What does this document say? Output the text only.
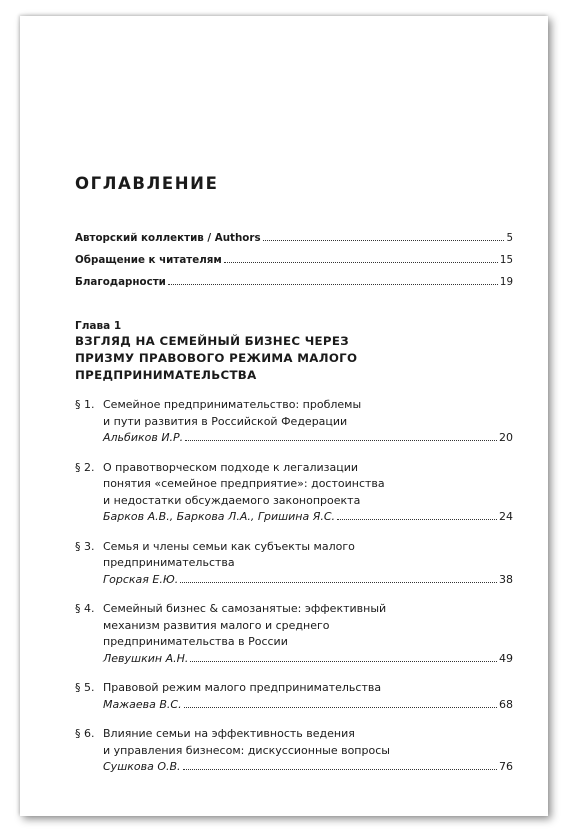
ОГЛАВЛЕНИЕ
Авторский коллектив / Authors	5
Обращение к читателям	15
Благодарности	19
Глава 1
ВЗГЛЯД НА СЕМЕЙНЫЙ БИЗНЕС ЧЕРЕЗ
ПРИЗМУ ПРАВОВОГО РЕЖИМА МАЛОГО
ПРЕДПРИНИМАТЕЛЬСТВА
§ 1. Семейное предпринимательство: проблемы
и пути развития в Российской Федерации
Альбиков И.Р.	20
§ 2. О правотворческом подходе к легализации
понятия «семейное предприятие»: достоинства
и недостатки обсуждаемого законопроекта
Барков А.В., Баркова Л.А., Гришина Я.С.	24
§ 3. Семья и члены семьи как субъекты малого
предпринимательства
Горская Е.Ю.	38
§ 4. Семейный бизнес & самозанятые: эффективный
механизм развития малого и среднего
предпринимательства в России
Левушкин А.Н.	49
§ 5. Правовой режим малого предпринимательства
Мажаева В.С.	68
§ 6. Влияние семьи на эффективность ведения
и управления бизнесом: дискуссионные вопросы
Сушкова О.В.	76
